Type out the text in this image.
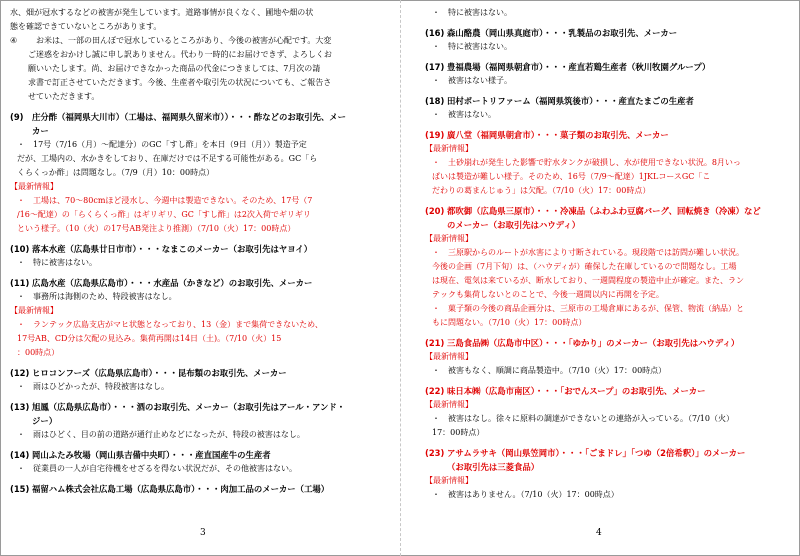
水、畑が冠水するなどの被害が発生しています。道路事情が良くなく、圃地や畑の状

態を確認できていないところがあります。

④ お米は、一部の田んぼで冠水しているところがあり、今後の被害が心配です。大変

ご迷惑をおかけし誠に申し訳ありません。代わり一時的にお届けできず、よろしくお

願いいたします。尚、お届けできなかった商品の代金につきましては、7月次の請

求書で訂正させていただきます。今後、生産者や取引先の状況についても、ご報告さ

せていただきます。

(9) 庄分酢（福岡県大川市）（工場は、福岡県久留米市））・・・酢などのお取引先、メー

カー

・　17号（7/16（月）～配達分）のGC「すし酢」を本日（9日（月））製造予定

だが、工場内の、水かきをしており、在庫だけでは不足する可能性がある。GC「ら

くらくっか酢」は問題なし。（7/9（月）10：00時点）

【最新情報】

・　工場は、70～80cmほど浸水し、今週中は製造できない。そのため、17号（7

/16～配達）の「らくらくっ酢」はギリギリ、GC「すし酢」は2次入荷でギリギリ

という様子。（10（火）の17号AB発注より推測）（7/10（火）17：00時点）

(10) 落本水産（広島県廿日市市）・・・なまこのメーカー（お取引先はヤヨイ）

・　特に被害はない。

(11) 広島水産（広島県広島市）・・・水産品（かきなど）のお取引先、メーカー

・　事務所は海側のため、特段被害はなし。

【最新情報】

・　ランテック広島支店がマヒ状態となっており、13（金）まで集荷できないため、

17号AB、CD分は欠配の見込み。集荷再開は14日（土)。（7/10（火）15

：00時点）

(12) ヒロコンフーズ（広島県広島市）・・・昆布類のお取引先、メーカー

・　雨はひどかったが、特段被害はなし。

(13) 旭鳳（広島県広島市）・・・酒のお取引先、メーカー（お取引先はアール・アンド・

ジー）

・　雨はひどく、目の前の道路が通行止めなどになったが、特段の被害はなし。

(14) 岡山ふたみ牧場（岡山県吉備中央町）・・・産直国産牛の生産者

・　従業員の一人が自宅待機をせざるを得ない状況だが、その他被害はない。

(15) 福留ハム株式会社広島工場（広島県広島市）・・・肉加工品のメーカー（工場）

・　特に被害はない。

(16) 森山酪農（岡山県真庭市）・・・乳製品のお取引先、メーカー

・　特に被害はない。

(17) 豊福農場（福岡県朝倉市）・・・産直若鶏生産者（秋川牧園グループ）

・　被害はない様子。

(18) 田村ポートリファーム（福岡県筑後市）・・・産直たまごの生産者

・　被害はない。

(19) 廣八堂（福岡県朝倉市）・・・菓子類のお取引先、メーカー

【最新情報】

・　土砂崩れが発生した影響で貯水タンクが破損し、水が使用できない状況。8月いっ

ぱいは製造が難しい様子。そのため、16号（7/9～配達）1JKLコースGC「こ

だわりの葛まんじゅう」は欠配。（7/10（火）17：00時点）

(20) 都吹御（広島県三原市）・・・冷凍品（ふわふわ豆腐バーグ、回転焼き（冷凍）など

のメーカー（お取引先はハウディ）

【最新情報】

・　三原駅からのルートが水害により寸断されている。現段階では訪問が難しい状況。

今後の企画（7月下旬）は、（ハウディが）確保した在庫しているので問題なし。工場

は現在、電気は来ているが、断水しており、一週間程度の製造中止が確定。また、ラン

テックも集荷しないとのことで、今後一週間以内に再開を予定。

・　菓子類の今後の商品企画分は、三原市の工場倉庫にあるが、保管、物流（納品）と

もに問題ない。（7/10（火）17：00時点）

(21) 三島食品㈱（広島市中区）・・・「ゆかり」のメーカー（お取引先はハウディ）

【最新情報】

・　被害もなく、順調に商品製造中。（7/10（火）17：00時点）

(22) 味日本㈱（広島市南区）・・・「おでんスープ」のお取引先、メーカー

【最新情報】

・　被害はなし。徐々に原料の調達ができないとの連絡が入っている。（7/10（火）

17：00時点）

(23) アサムラサキ（岡山県笠岡市）・・・「ごまドレ」「つゆ（2倍希釈）」のメーカー

（お取引先は三菱食品）

【最新情報】

・　被害はありません。（7/10（火）17：00時点）

3	4
